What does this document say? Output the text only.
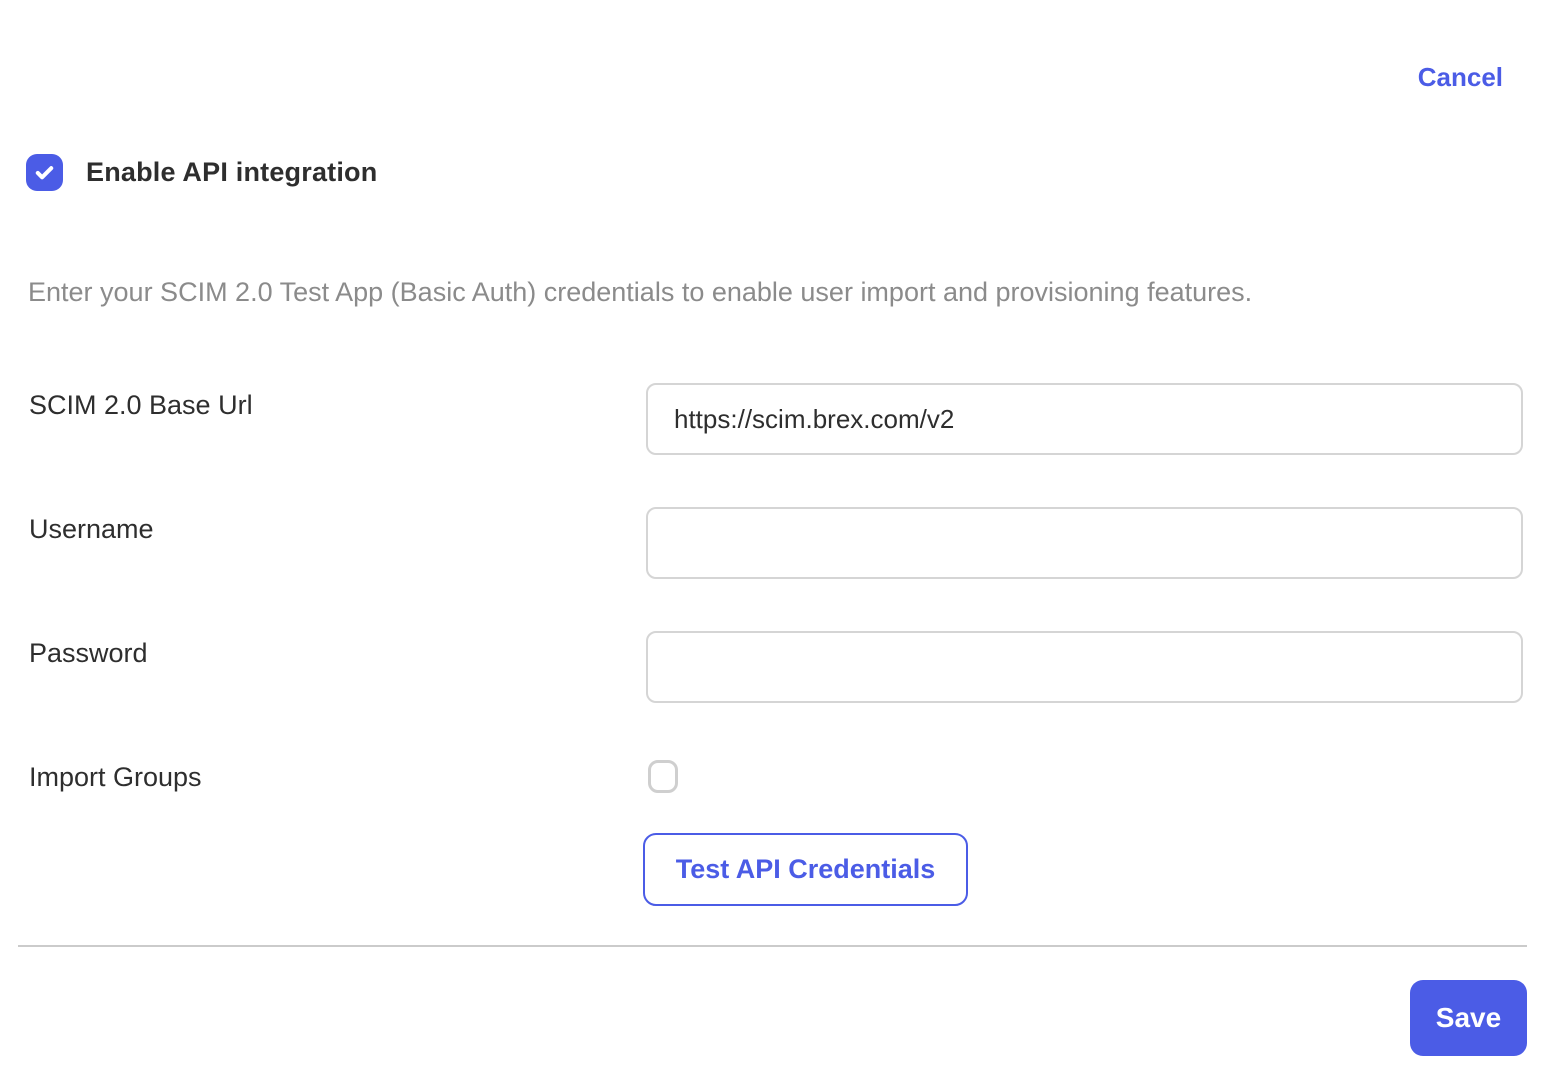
Cancel
Enable API integration
Enter your SCIM 2.0 Test App (Basic Auth) credentials to enable user import and provisioning features.
SCIM 2.0 Base Url
https://scim.brex.com/v2
Username
Password
Import Groups
Test API Credentials
Save
